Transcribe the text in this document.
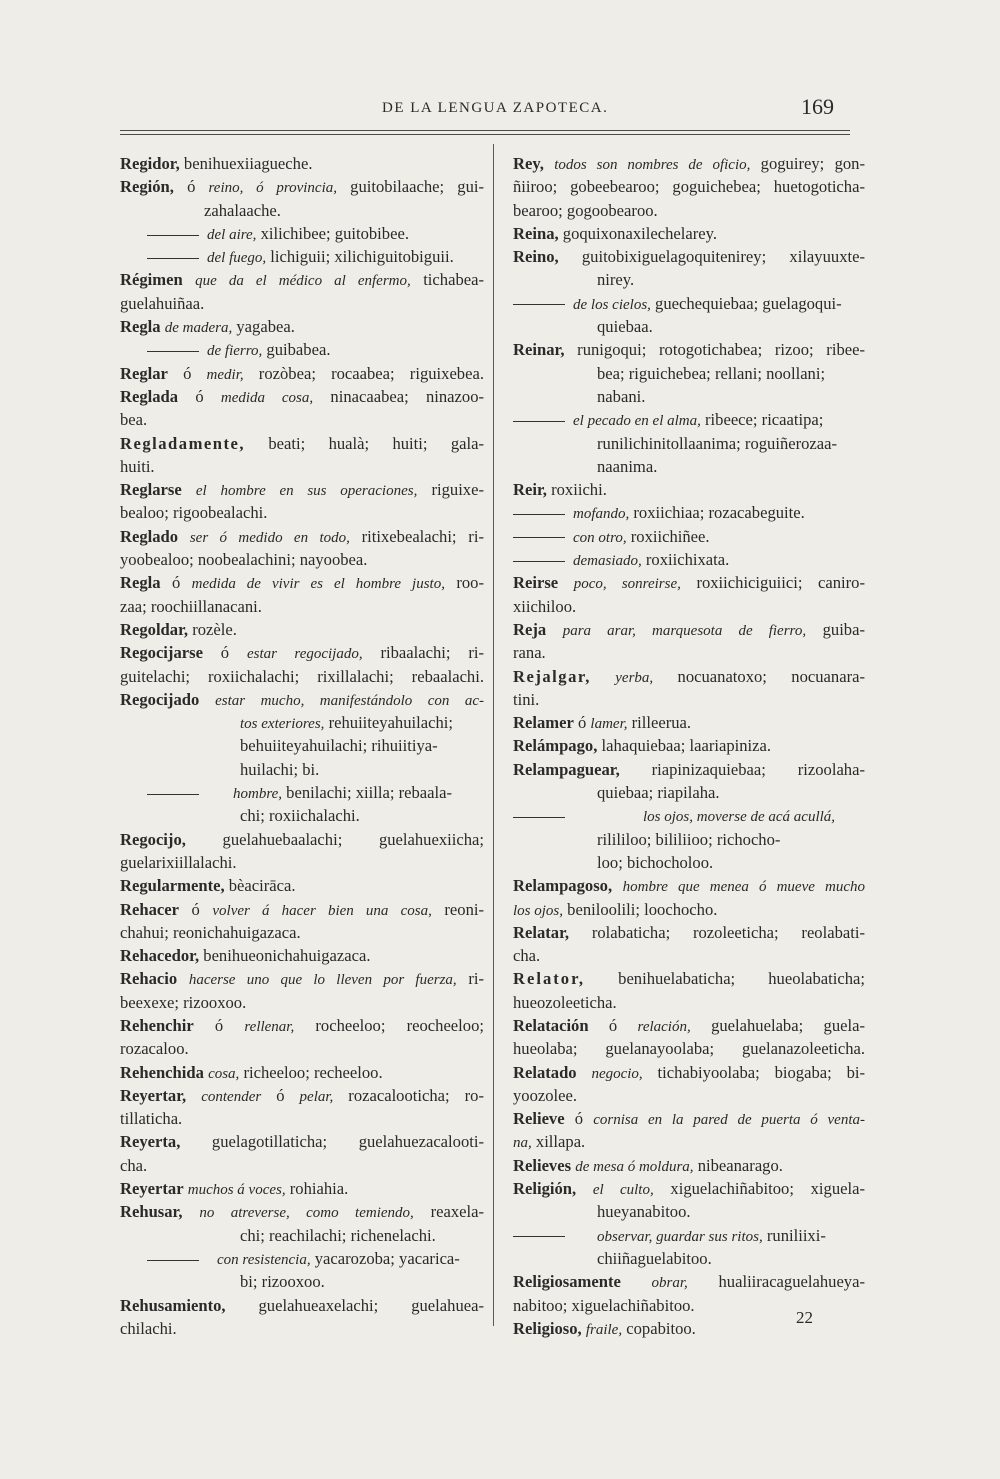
DE LA LENGUA ZAPOTECA.	169
Regidor, benihuexiiagueche.
Región, ó reino, ó provincia, guitobilaache; gui-
zahalaache.
del aire, xilichibee; guitobibee.
del fuego, lichiguii; xilichiguitobiguii.
Régimen que da el médico al enfermo, tichabea-
guelahuiñaa.
Regla de madera, yagabea.
de fierro, guibabea.
Reglar ó medir, rozòbea; rocaabea; riguixebea.
Reglada ó medida cosa, ninacaabea; ninazoo-
bea.
Regladamente, beati; hualà; huiti; gala-
huiti.
Reglarse el hombre en sus operaciones, riguixe-
bealoo; rigoobealachi.
Reglado ser ó medido en todo, ritixebealachi; ri-
yoobealoo; noobealachini; nayoobea.
Regla ó medida de vivir es el hombre justo, roo-
zaa; roochiillanacani.
Regoldar, rozèle.
Regocijarse ó estar regocijado, ribaalachi; ri-
guitelachi; roxiichalachi; rixillalachi; rebaalachi.
Regocijado estar mucho, manifestándolo con ac-
tos exteriores, rehuiiteyahuilachi;
behuiiteyahuilachi; rihuiitiya-
huilachi; bi.
hombre, benilachi; xiilla; rebaala-
chi; roxiichalachi.
Regocijo, guelahuebaalachi; guelahuexiicha;
guelarixiillalachi.
Regularmente, bèacirāca.
Rehacer ó volver á hacer bien una cosa, reoni-
chahui; reonichahuigazaca.
Rehacedor, benihueonichahuigazaca.
Rehacio hacerse uno que lo lleven por fuerza, ri-
beexexe; rizooxoo.
Rehenchir ó rellenar, rocheeloo; reocheeloo;
rozacaloo.
Rehenchida cosa, richeeloo; recheeloo.
Reyertar, contender ó pelar, rozacalooticha; ro-
tillaticha.
Reyerta, guelagotillaticha; guelahuezacalooti-
cha.
Reyertar muchos á voces, rohiahia.
Rehusar, no atreverse, como temiendo, reaxela-
chi; reachilachi; richenelachi.
con resistencia, yacarozoba; yacarica-
bi; rizooxoo.
Rehusamiento, guelahueaxelachi; guelahuea-
chilachi.
Rey, todos son nombres de oficio, goguirey; gon-
ñiiroo; gobeebearoo; goguichebea; huetogoticha-
bearoo; gogoobearoo.
Reina, goquixonaxilechelarey.
Reino, guitobixiguelagoquitenirey; xilayuuxte-
nirey.
de los cielos, guechequiebaa; guelagoqui-
quiebaa.
Reinar, runigoqui; rotogotichabea; rizoo; ribee-
bea; riguichebea; rellani; noollani;
nabani.
el pecado en el alma, ribeece; ricaatipa;
runilichinitollaanima; roguiñerozaa-
naanima.
Reir, roxiichi.
mofando, roxiichiaa; rozacabeguite.
con otro, roxiichiñee.
demasiado, roxiichixata.
Reirse poco, sonreirse, roxiichiciguiici; caniro-
xiichiloo.
Reja para arar, marquesota de fierro, guiba-
rana.
Rejalgar, yerba, nocuanatoxo; nocuanara-
tini.
Relamer ó lamer, rilleerua.
Relámpago, lahaquiebaa; laariapiniza.
Relampaguear, riapinizaquiebaa; rizoolaha-
quiebaa; riapilaha.
los ojos, moverse de acá acullá,
rilililoo; bililiioo; richocho-
loo; bichocholoo.
Relampagoso, hombre que menea ó mueve mucho
los ojos, beniloolili; loochocho.
Relatar, rolabaticha; rozoleeticha; reolabati-
cha.
Relator, benihuelabaticha; hueolabaticha;
hueozoleeticha.
Relatación ó relación, guelahuelaba; guela-
hueolaba; guelanayoolaba; guelanazoleeticha.
Relatado negocio, tichabiyoolaba; biogaba; bi-
yoozolee.
Relieve ó cornisa en la pared de puerta ó venta-
na, xillapa.
Relieves de mesa ó moldura, nibeanarago.
Religión, el culto, xiguelachiñabitoo; xiguela-
hueyanabitoo.
observar, guardar sus ritos, runiliixi-
chiiñaguelabitoo.
Religiosamente obrar, hualiiracaguelahueya-
nabitoo; xiguelachiñabitoo.
Religioso, fraile, copabitoo.
22
